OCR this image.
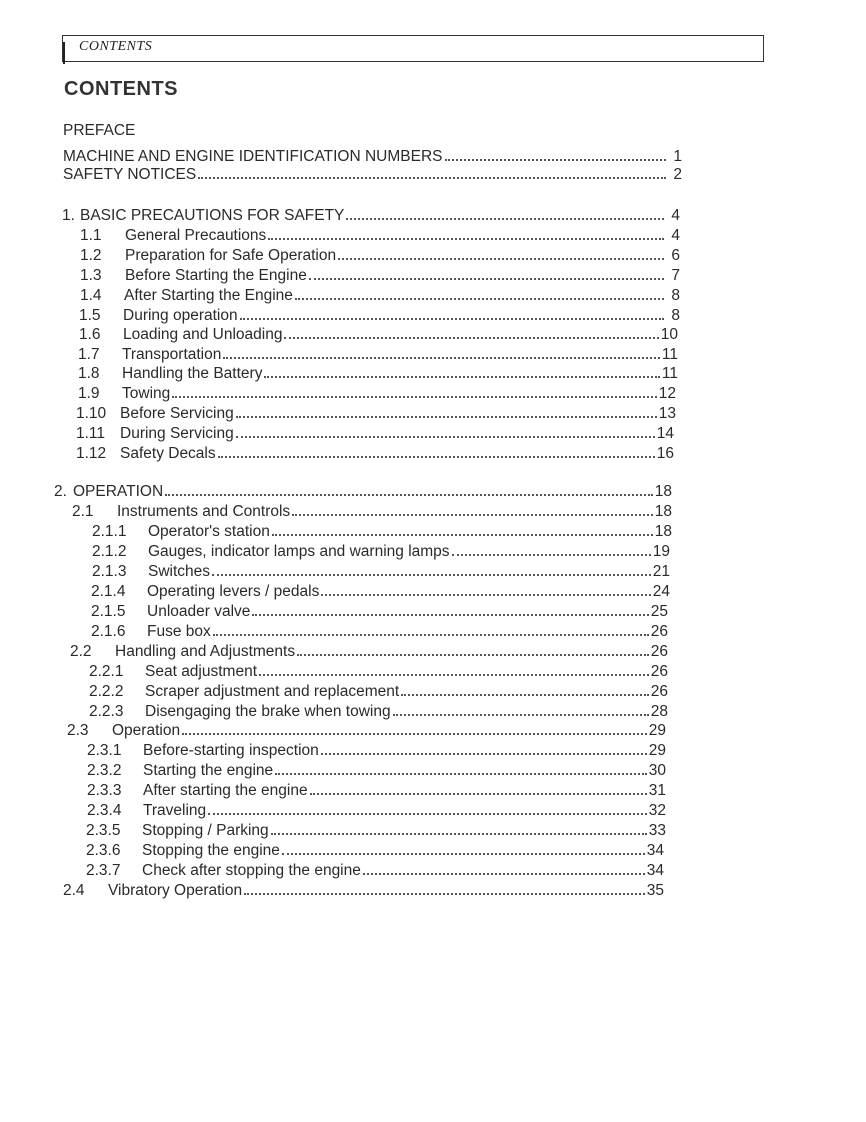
CONTENTS
CONTENTS
PREFACE
MACHINE AND ENGINE IDENTIFICATION NUMBERS	1
SAFETY NOTICES	2
1. BASIC PRECAUTIONS FOR SAFETY	4
1.1	General Precautions	4
1.2	Preparation for Safe Operation	6
1.3	Before Starting the Engine	7
1.4	After Starting the Engine	8
1.5	During operation	8
1.6	Loading and Unloading	10
1.7	Transportation	11
1.8	Handling the Battery	11
1.9	Towing	12
1.10 Before Servicing	13
1.11 During Servicing	14
1.12 Safety Decals	16
2. OPERATION	18
2.1	Instruments and Controls	18
2.1.1	Operator's station	18
2.1.2	Gauges, indicator lamps and warning lamps	19
2.1.3	Switches	21
2.1.4	Operating levers / pedals	24
2.1.5	Unloader valve	25
2.1.6	Fuse box	26
2.2	Handling and Adjustments	26
2.2.1	Seat adjustment	26
2.2.2	Scraper adjustment and replacement	26
2.2.3	Disengaging the brake when towing	28
2.3	Operation	29
2.3.1	Before-starting inspection	29
2.3.2	Starting the engine	30
2.3.3	After starting the engine	31
2.3.4	Traveling	32
2.3.5	Stopping / Parking	33
2.3.6	Stopping the engine	34
2.3.7	Check after stopping the engine	34
2.4	Vibratory Operation	35
